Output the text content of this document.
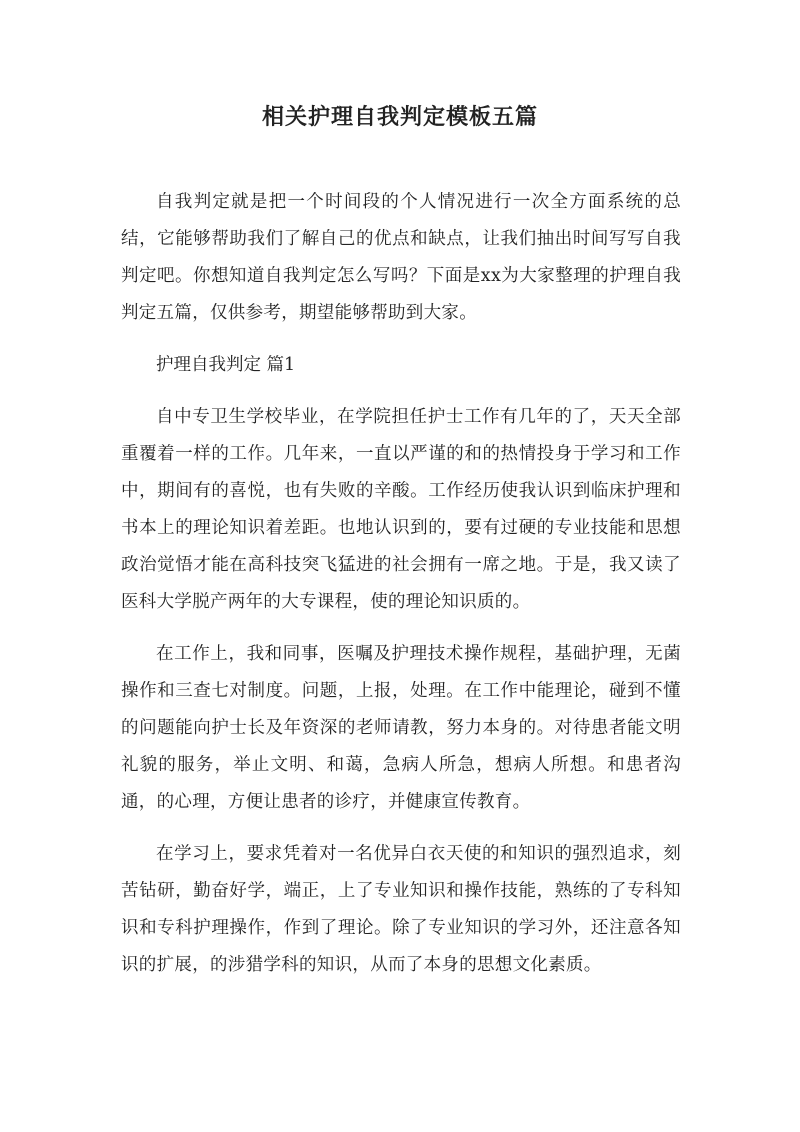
相关护理自我判定模板五篇

自我判定就是把一个时间段的个人情况进行一次全方面系统的总结，它能够帮助我们了解自己的优点和缺点，让我们抽出时间写写自我判定吧。你想知道自我判定怎么写吗？下面是xx为大家整理的护理自我判定五篇，仅供参考，期望能够帮助到大家。

护理自我判定 篇1

自中专卫生学校毕业，在学院担任护士工作有几年的了，天天全部重覆着一样的工作。几年来，一直以严谨的和的热情投身于学习和工作中，期间有的喜悦，也有失败的辛酸。工作经历使我认识到临床护理和书本上的理论知识着差距。也地认识到的，要有过硬的专业技能和思想政治觉悟才能在高科技突飞猛进的社会拥有一席之地。于是，我又读了医科大学脱产两年的大专课程，使的理论知识质的。

在工作上，我和同事，医嘱及护理技术操作规程，基础护理，无菌操作和三查七对制度。问题，上报，处理。在工作中能理论，碰到不懂的问题能向护士长及年资深的老师请教，努力本身的。对待患者能文明礼貌的服务，举止文明、和蔼，急病人所急，想病人所想。和患者沟通，的心理，方便让患者的诊疗，并健康宣传教育。

在学习上，要求凭着对一名优异白衣天使的和知识的强烈追求，刻苦钻研，勤奋好学，端正，上了专业知识和操作技能，熟练的了专科知识和专科护理操作，作到了理论。除了专业知识的学习外，还注意各知识的扩展，的涉猎学科的知识，从而了本身的思想文化素质。
